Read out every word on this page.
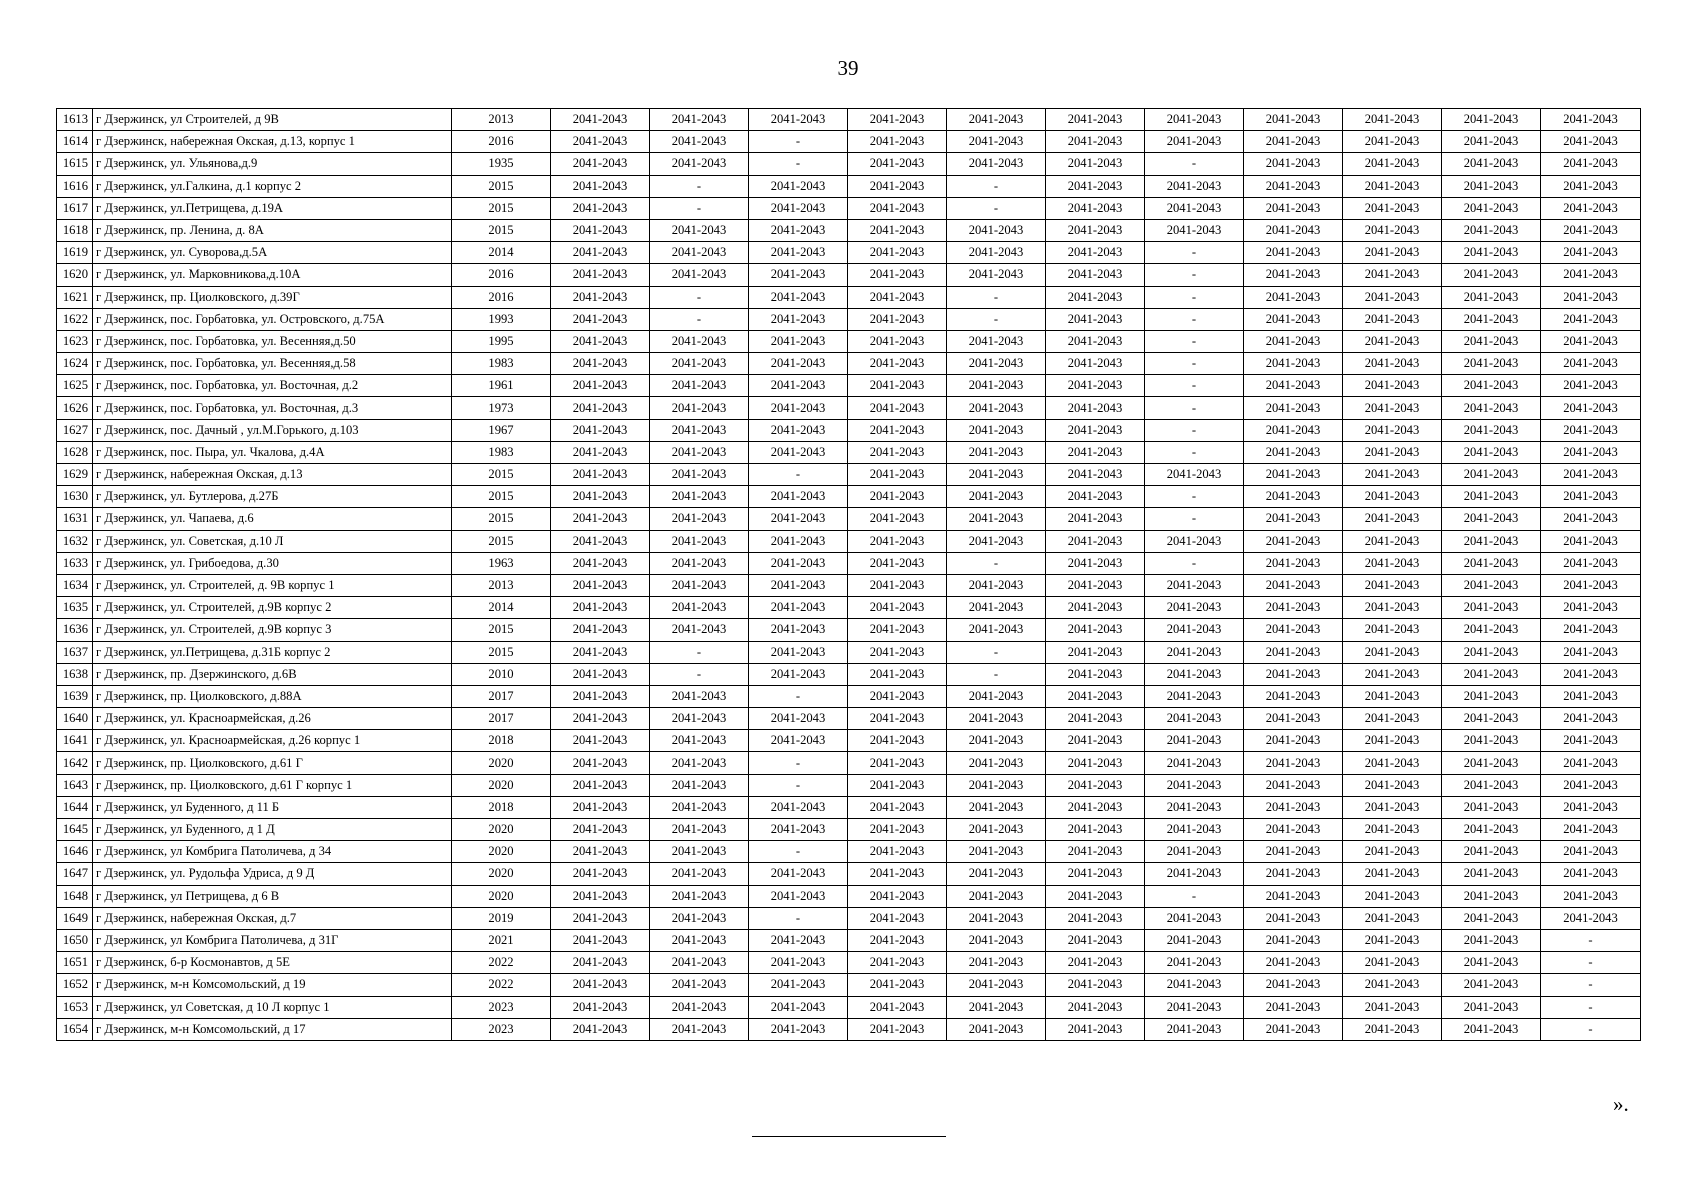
39
1613	г Дзержинск, ул Строителей, д 9В	2013	2041-2043	2041-2043	2041-2043	2041-2043	2041-2043	2041-2043	2041-2043	2041-2043	2041-2043	2041-2043	2041-2043
1614	г Дзержинск, набережная Окская, д.13, корпус 1	2016	2041-2043	2041-2043	-	2041-2043	2041-2043	2041-2043	2041-2043	2041-2043	2041-2043	2041-2043	2041-2043
1615	г Дзержинск, ул. Ульянова,д.9	1935	2041-2043	2041-2043	-	2041-2043	2041-2043	2041-2043	-	2041-2043	2041-2043	2041-2043	2041-2043
1616	г Дзержинск, ул.Галкина, д.1 корпус 2	2015	2041-2043	-	2041-2043	2041-2043	-	2041-2043	2041-2043	2041-2043	2041-2043	2041-2043	2041-2043
1617	г Дзержинск, ул.Петрищева, д.19А	2015	2041-2043	-	2041-2043	2041-2043	-	2041-2043	2041-2043	2041-2043	2041-2043	2041-2043	2041-2043
1618	г Дзержинск, пр. Ленина, д. 8А	2015	2041-2043	2041-2043	2041-2043	2041-2043	2041-2043	2041-2043	2041-2043	2041-2043	2041-2043	2041-2043	2041-2043
1619	г Дзержинск, ул. Суворова,д.5А	2014	2041-2043	2041-2043	2041-2043	2041-2043	2041-2043	2041-2043	-	2041-2043	2041-2043	2041-2043	2041-2043
1620	г Дзержинск, ул. Марковникова,д.10А	2016	2041-2043	2041-2043	2041-2043	2041-2043	2041-2043	2041-2043	-	2041-2043	2041-2043	2041-2043	2041-2043
1621	г Дзержинск, пр. Циолковского, д.39Г	2016	2041-2043	-	2041-2043	2041-2043	-	2041-2043	-	2041-2043	2041-2043	2041-2043	2041-2043
1622	г Дзержинск, пос. Горбатовка, ул. Островского, д.75А	1993	2041-2043	-	2041-2043	2041-2043	-	2041-2043	-	2041-2043	2041-2043	2041-2043	2041-2043
1623	г Дзержинск, пос. Горбатовка, ул. Весенняя,д.50	1995	2041-2043	2041-2043	2041-2043	2041-2043	2041-2043	2041-2043	-	2041-2043	2041-2043	2041-2043	2041-2043
1624	г Дзержинск, пос. Горбатовка, ул. Весенняя,д.58	1983	2041-2043	2041-2043	2041-2043	2041-2043	2041-2043	2041-2043	-	2041-2043	2041-2043	2041-2043	2041-2043
1625	г Дзержинск, пос. Горбатовка, ул. Восточная, д.2	1961	2041-2043	2041-2043	2041-2043	2041-2043	2041-2043	2041-2043	-	2041-2043	2041-2043	2041-2043	2041-2043
1626	г Дзержинск, пос. Горбатовка, ул. Восточная, д.3	1973	2041-2043	2041-2043	2041-2043	2041-2043	2041-2043	2041-2043	-	2041-2043	2041-2043	2041-2043	2041-2043
1627	г Дзержинск, пос. Дачный , ул.М.Горького, д.103	1967	2041-2043	2041-2043	2041-2043	2041-2043	2041-2043	2041-2043	-	2041-2043	2041-2043	2041-2043	2041-2043
1628	г Дзержинск, пос. Пыра, ул. Чкалова, д.4А	1983	2041-2043	2041-2043	2041-2043	2041-2043	2041-2043	2041-2043	-	2041-2043	2041-2043	2041-2043	2041-2043
1629	г Дзержинск, набережная Окская, д.13	2015	2041-2043	2041-2043	-	2041-2043	2041-2043	2041-2043	2041-2043	2041-2043	2041-2043	2041-2043	2041-2043
1630	г Дзержинск, ул. Бутлерова, д.27Б	2015	2041-2043	2041-2043	2041-2043	2041-2043	2041-2043	2041-2043	-	2041-2043	2041-2043	2041-2043	2041-2043
1631	г Дзержинск, ул. Чапаева, д.6	2015	2041-2043	2041-2043	2041-2043	2041-2043	2041-2043	2041-2043	-	2041-2043	2041-2043	2041-2043	2041-2043
1632	г Дзержинск, ул. Советская, д.10 Л	2015	2041-2043	2041-2043	2041-2043	2041-2043	2041-2043	2041-2043	2041-2043	2041-2043	2041-2043	2041-2043	2041-2043
1633	г Дзержинск, ул. Грибоедова, д.30	1963	2041-2043	2041-2043	2041-2043	2041-2043	-	2041-2043	-	2041-2043	2041-2043	2041-2043	2041-2043
1634	г Дзержинск, ул. Строителей, д. 9В корпус 1	2013	2041-2043	2041-2043	2041-2043	2041-2043	2041-2043	2041-2043	2041-2043	2041-2043	2041-2043	2041-2043	2041-2043
1635	г Дзержинск, ул. Строителей, д.9В корпус 2	2014	2041-2043	2041-2043	2041-2043	2041-2043	2041-2043	2041-2043	2041-2043	2041-2043	2041-2043	2041-2043	2041-2043
1636	г Дзержинск, ул. Строителей, д.9В корпус 3	2015	2041-2043	2041-2043	2041-2043	2041-2043	2041-2043	2041-2043	2041-2043	2041-2043	2041-2043	2041-2043	2041-2043
1637	г Дзержинск, ул.Петрищева, д.31Б корпус 2	2015	2041-2043	-	2041-2043	2041-2043	-	2041-2043	2041-2043	2041-2043	2041-2043	2041-2043	2041-2043
1638	г Дзержинск, пр. Дзержинского, д.6В	2010	2041-2043	-	2041-2043	2041-2043	-	2041-2043	2041-2043	2041-2043	2041-2043	2041-2043	2041-2043
1639	г Дзержинск, пр. Циолковского, д.88А	2017	2041-2043	2041-2043	-	2041-2043	2041-2043	2041-2043	2041-2043	2041-2043	2041-2043	2041-2043	2041-2043
1640	г Дзержинск, ул. Красноармейская, д.26	2017	2041-2043	2041-2043	2041-2043	2041-2043	2041-2043	2041-2043	2041-2043	2041-2043	2041-2043	2041-2043	2041-2043
1641	г Дзержинск, ул. Красноармейская, д.26 корпус 1	2018	2041-2043	2041-2043	2041-2043	2041-2043	2041-2043	2041-2043	2041-2043	2041-2043	2041-2043	2041-2043	2041-2043
1642	г Дзержинск, пр. Циолковского, д.61 Г	2020	2041-2043	2041-2043	-	2041-2043	2041-2043	2041-2043	2041-2043	2041-2043	2041-2043	2041-2043	2041-2043
1643	г Дзержинск, пр. Циолковского, д.61 Г корпус 1	2020	2041-2043	2041-2043	-	2041-2043	2041-2043	2041-2043	2041-2043	2041-2043	2041-2043	2041-2043	2041-2043
1644	г Дзержинск, ул Буденного, д 11 Б	2018	2041-2043	2041-2043	2041-2043	2041-2043	2041-2043	2041-2043	2041-2043	2041-2043	2041-2043	2041-2043	2041-2043
1645	г Дзержинск, ул Буденного, д 1 Д	2020	2041-2043	2041-2043	2041-2043	2041-2043	2041-2043	2041-2043	2041-2043	2041-2043	2041-2043	2041-2043	2041-2043
1646	г Дзержинск, ул Комбрига Патоличева, д 34	2020	2041-2043	2041-2043	-	2041-2043	2041-2043	2041-2043	2041-2043	2041-2043	2041-2043	2041-2043	2041-2043
1647	г Дзержинск, ул. Рудольфа Удриса, д 9 Д	2020	2041-2043	2041-2043	2041-2043	2041-2043	2041-2043	2041-2043	2041-2043	2041-2043	2041-2043	2041-2043	2041-2043
1648	г Дзержинск, ул Петрищева, д 6 В	2020	2041-2043	2041-2043	2041-2043	2041-2043	2041-2043	2041-2043	-	2041-2043	2041-2043	2041-2043	2041-2043
1649	г Дзержинск, набережная Окская, д.7	2019	2041-2043	2041-2043	-	2041-2043	2041-2043	2041-2043	2041-2043	2041-2043	2041-2043	2041-2043	2041-2043
1650	г Дзержинск, ул Комбрига Патоличева, д 31Г	2021	2041-2043	2041-2043	2041-2043	2041-2043	2041-2043	2041-2043	2041-2043	2041-2043	2041-2043	2041-2043	-
1651	г Дзержинск, б-р Космонавтов, д 5Е	2022	2041-2043	2041-2043	2041-2043	2041-2043	2041-2043	2041-2043	2041-2043	2041-2043	2041-2043	2041-2043	-
1652	г Дзержинск, м-н Комсомольский, д 19	2022	2041-2043	2041-2043	2041-2043	2041-2043	2041-2043	2041-2043	2041-2043	2041-2043	2041-2043	2041-2043	-
1653	г Дзержинск, ул Советская, д 10 Л корпус 1	2023	2041-2043	2041-2043	2041-2043	2041-2043	2041-2043	2041-2043	2041-2043	2041-2043	2041-2043	2041-2043	-
1654	г Дзержинск, м-н Комсомольский, д 17	2023	2041-2043	2041-2043	2041-2043	2041-2043	2041-2043	2041-2043	2041-2043	2041-2043	2041-2043	2041-2043	-
».
